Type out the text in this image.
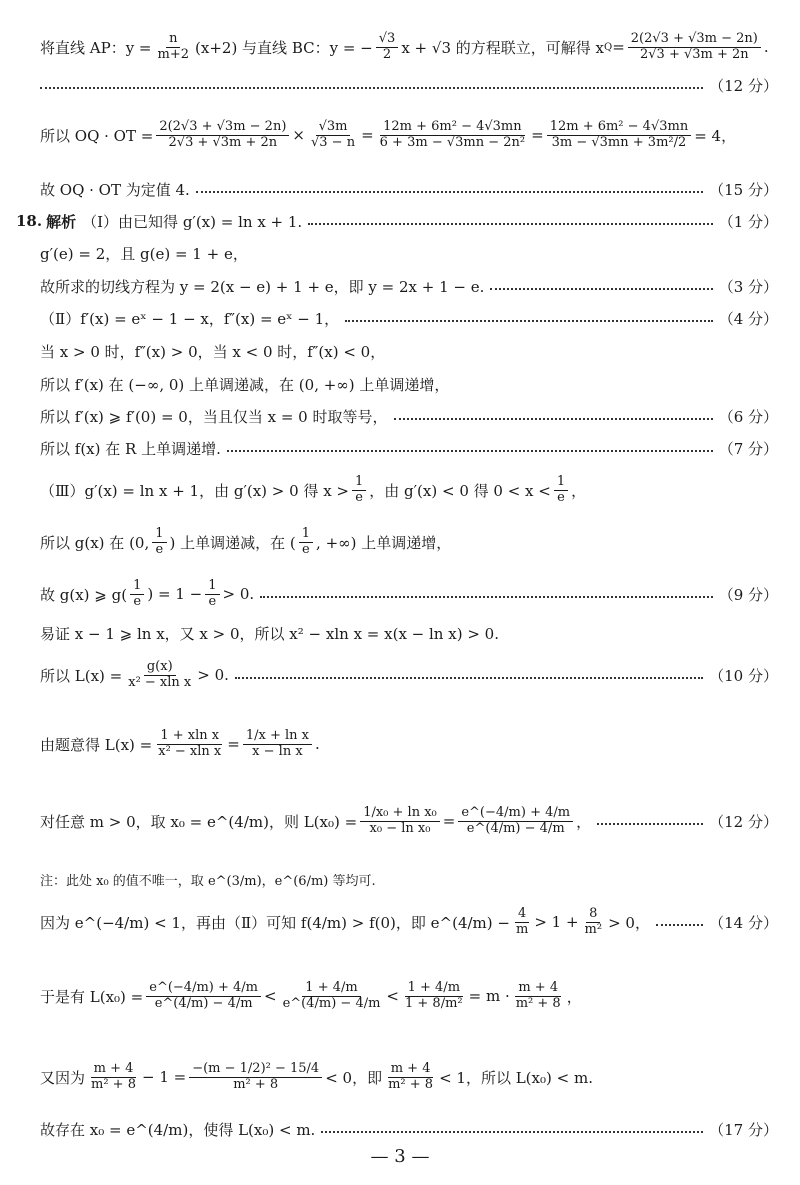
将直线 AP：$y = \frac{n}{m+2} (x+2)$ 与直线 BC：y = − $\frac{√3}{2}$ x + √3 的方程联立，可解得 x $Q = \frac{2(2√3 + √3m - 2n)}{2√3 + √3m + 2n}$ .
（12 分）
所以 OQ · OT = $\frac{2(2√3 + √3m - 2n)}{2√3 + √3m + 2n} \times \frac{√3m}{√3 - n} = \frac{\text{12m + 6m² − 4√3mn}}{\text{6 + 3m − √3mn − 2n²}} = \frac{\text{12m + 6m² − 4√3mn}}{\text{3m − √3mn + 3m²/2}} = 4$，
故 OQ · OT 为定值 4.	（15 分）
18. 解析 （Ⅰ）由已知得 g′(x) = ln x + 1.	（1 分）
g′(e) = 2，且 g(e) = 1 + e，
故所求的切线方程为 y = 2(x − e) + 1 + e，即 y = 2x + 1 − e.	（3 分）
（Ⅱ）f′(x) = eˣ − 1 − x，f″(x) = eˣ − 1，	（4 分）
当 x > 0 时，f″(x) > 0，当 x < 0 时，f″(x) < 0，
所以 f′(x) 在 (−∞, 0) 上单调递减，在 (0, +∞) 上单调递增，
所以 f′(x) ⩾ f′(0) = 0，当且仅当 x = 0 时取等号，	（6 分）
所以 f(x) 在 R 上单调递增.	（7 分）
（Ⅲ）g′(x) = ln x + 1，由 g′(x) > 0 得 $x > \frac{1}{e}$ ，由 g′(x) < 0 得 $0 < x < \frac{1}{e}$ ，
所以 g(x) 在 (0, $\frac{1}{e}$ ) 上单调递减，在 ( $\frac{1}{e}$ , +∞) 上单调递增，
故 g(x) ⩾ $g( \frac{1}{e}$ ) = $1 - \frac{1}{e} > 0$.	（9 分）
易证 x − 1 ⩾ ln x，又 x > 0，所以 x² − xln x = x(x − ln x) > 0.
所以 $L(x) = \frac{g(x)}{\text{x² − xln x}} > 0$.	（10 分）
由题意得 $L(x) = \frac{\text{1 + xln x}}{\text{x² − xln x}} = \frac{\text{1/x + ln x}}{\text{x − ln x}}$ .
对任意 m > 0，取 x₀ = e^(4/m)，则 $L(x_0) = \frac{\text{1/x₀ + ln x₀}}{\text{x₀ − ln x₀}} = \frac{e\^{}(-4/m) + 4/m}{e\^{}(4/m) - 4/m}$ ，	（12 分）
注：此处 x₀ 的值不唯一，取 e^(3/m)，e^(6/m) 等均可.
因为 e^(−4/m) < 1，再由（Ⅱ）可知 f(4/m) > f(0)，即 e^(4/m) − $\frac{4}{m} > 1 + \frac{8}{\text{m²}} > 0$，	（14 分）
于是有 $L(x_0) = \frac{e\^{}(-4/m) + 4/m}{e\^{}(4/m) - 4/m} < \frac{1 + 4/m}{e\^{}(4/m) - 4/m} < \frac{1 + 4/m}{\text{1 + 8/m²}} = m \cdot \frac{m + 4}{\text{m² + 8}}$ ，
又因为 $\frac{m + 4}{\text{m² + 8}} - 1 = \frac{\text{−(m − 1/2)² − 15/4}}{\text{m² + 8}} < 0$，即 $\frac{m + 4}{\text{m² + 8}} < 1$，所以 L(x₀) < m.
故存在 x₀ = e^(4/m)，使得 L(x₀) < m.	（17 分）
— 3 —
